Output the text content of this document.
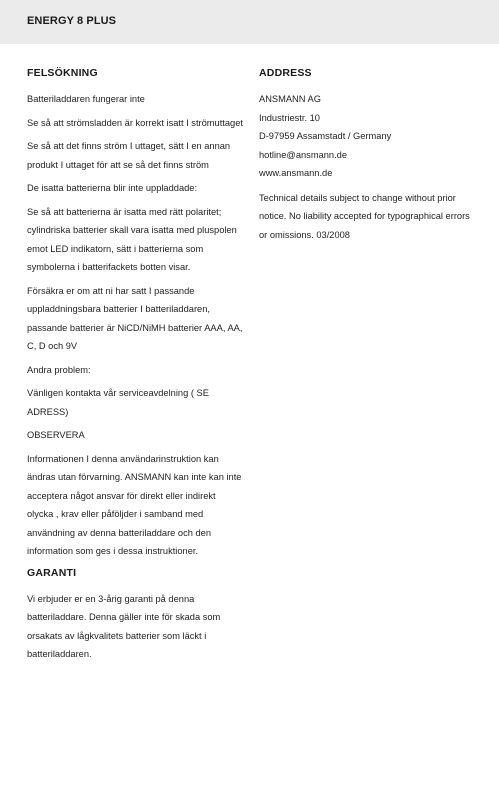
ENERGY 8 PLUS
FELSÖKNING
Batteriladdaren fungerar inte
Se så att strömsladden är korrekt isatt I strömuttaget
Se så att det finns ström I uttaget, sätt I en annan produkt I uttaget för att se så det finns ström
De isatta batterierna blir inte uppladdade:
Se så att batterierna är isatta med rätt polaritet; cylindriska batterier skall vara isatta med pluspolen emot LED indikatorn, sätt i batterierna som symbolerna i batterifackets botten visar.
Försäkra er om att ni har satt I passande uppladdningsbara batterier I batteriladdaren, passande batterier är NiCD/NiMH batterier AAA, AA, C, D och 9V
Andra problem:
Vänligen kontakta vår serviceavdelning ( SE ADRESS)
OBSERVERA
Informationen I denna användarinstruktion kan ändras utan förvarning. ANSMANN kan inte kan inte acceptera något ansvar för direkt eller indirekt olycka , krav eller påföljder i samband med användning av denna batteriladdare och den information som ges i dessa instruktioner.
GARANTI
Vi erbjuder er en 3-årig garanti på denna batteriladdare. Denna gäller inte för skada som orsakats av lågkvalitets batterier som läckt i batteriladdaren.
ADDRESS
ANSMANN AG
Industriestr. 10
D-97959 Assamstadt / Germany
hotline@ansmann.de
www.ansmann.de
Technical details subject to change without prior notice. No liability accepted for typographical errors or omissions. 03/2008
